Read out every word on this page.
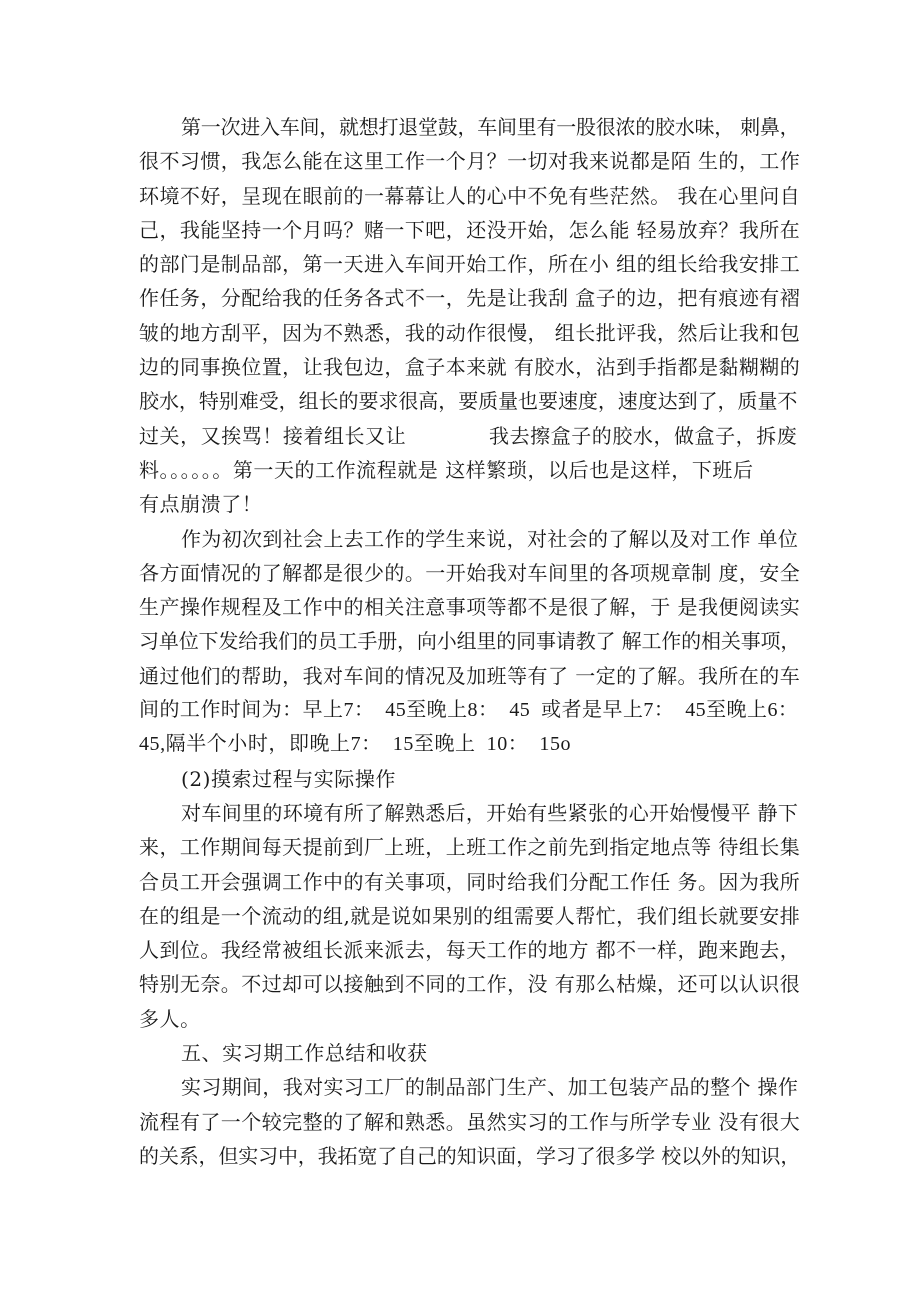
第一次进入车间，就想打退堂鼓，车间里有一股很浓的胶水味， 刺鼻，
很不习惯，我怎么能在这里工作一个月？一切对我来说都是陌 生的，工作
环境不好，呈现在眼前的一幕幕让人的心中不免有些茫然。 我在心里问自
己，我能坚持一个月吗？赌一下吧，还没开始，怎么能 轻易放弃？我所在
的部门是制品部，第一天进入车间开始工作，所在小 组的组长给我安排工
作任务，分配给我的任务各式不一，先是让我刮 盒子的边，把有痕迹有褶
皱的地方刮平，因为不熟悉，我的动作很慢， 组长批评我，然后让我和包
边的同事换位置，让我包边，盒子本来就 有胶水，沾到手指都是黏糊糊的
胶水，特别难受，组长的要求很高，要质量也要速度，速度达到了，质量不
过关，又挨骂！接着组长又让            我去擦盒子的胶水，做盒子，拆废
料。。。。。。第一天的工作流程就是 这样繁琐，以后也是这样，下班后
有点崩溃了！
作为初次到社会上去工作的学生来说，对社会的了解以及对工作 单位
各方面情况的了解都是很少的。一开始我对车间里的各项规章制 度，安全
生产操作规程及工作中的相关注意事项等都不是很了解，于 是我便阅读实
习单位下发给我们的员工手册，向小组里的同事请教了 解工作的相关事项，
通过他们的帮助，我对车间的情况及加班等有了 一定的了解。我所在的车
间的工作时间为：早上7：  45至晚上8：  45  或者是早上7：  45至晚上6：
45,隔半个小时，即晚上7：  15至晚上  10：  15o
(2)摸索过程与实际操作
对车间里的环境有所了解熟悉后，开始有些紧张的心开始慢慢平 静下
来，工作期间每天提前到厂上班，上班工作之前先到指定地点等 待组长集
合员工开会强调工作中的有关事项，同时给我们分配工作任 务。因为我所
在的组是一个流动的组,就是说如果别的组需要人帮忙，我们组长就要安排
人到位。我经常被组长派来派去，每天工作的地方 都不一样，跑来跑去，
特别无奈。不过却可以接触到不同的工作，没 有那么枯燥，还可以认识很
多人。
五、实习期工作总结和收获
实习期间，我对实习工厂的制品部门生产、加工包装产品的整个 操作
流程有了一个较完整的了解和熟悉。虽然实习的工作与所学专业 没有很大
的关系，但实习中，我拓宽了自己的知识面，学习了很多学 校以外的知识，
